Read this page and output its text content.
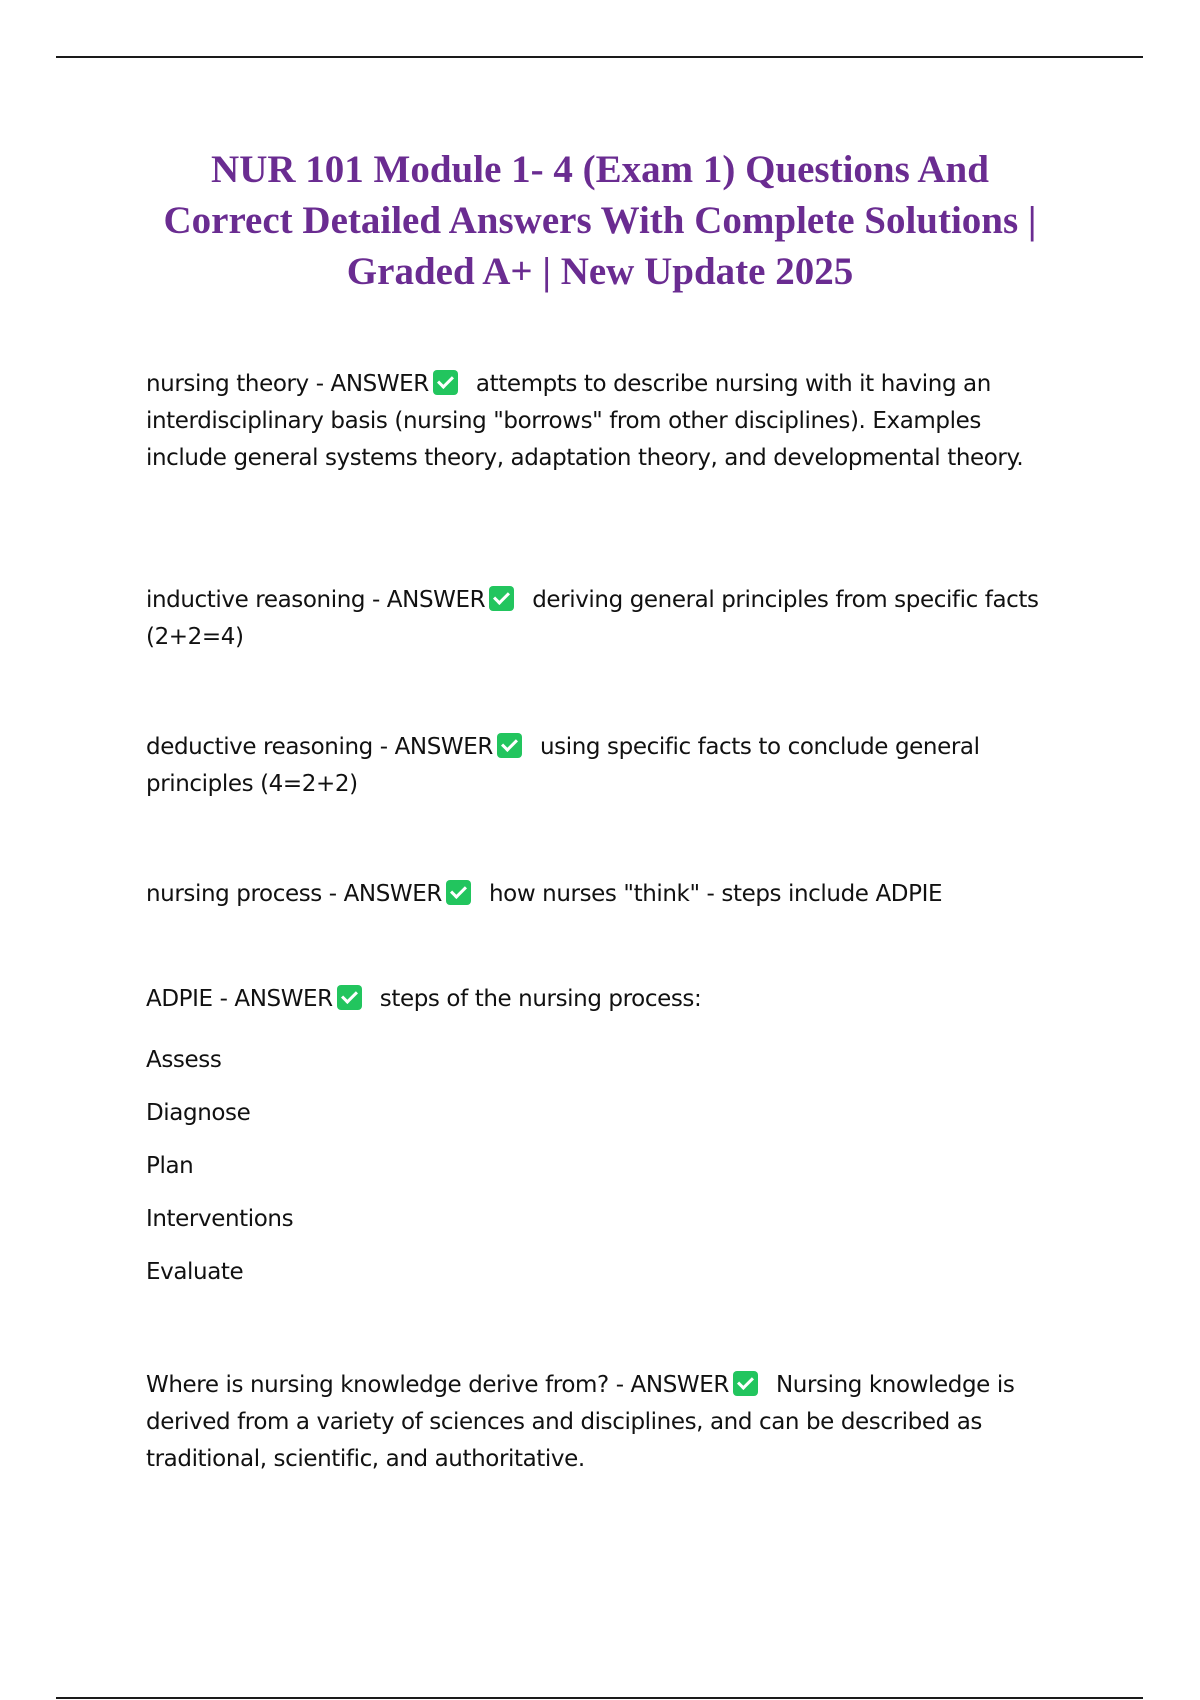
NUR 101 Module 1- 4 (Exam 1) Questions And Correct Detailed Answers With Complete Solutions | Graded A+ | New Update 2025

nursing theory - ANSWER attempts to describe nursing with it having an interdisciplinary basis (nursing "borrows" from other disciplines). Examples include general systems theory, adaptation theory, and developmental theory.

inductive reasoning - ANSWER deriving general principles from specific facts (2+2=4)

deductive reasoning - ANSWER using specific facts to conclude general principles (4=2+2)

nursing process - ANSWER how nurses "think" - steps include ADPIE

ADPIE - ANSWER steps of the nursing process:
Assess
Diagnose
Plan
Interventions
Evaluate

Where is nursing knowledge derive from? - ANSWER Nursing knowledge is derived from a variety of sciences and disciplines, and can be described as traditional, scientific, and authoritative.
